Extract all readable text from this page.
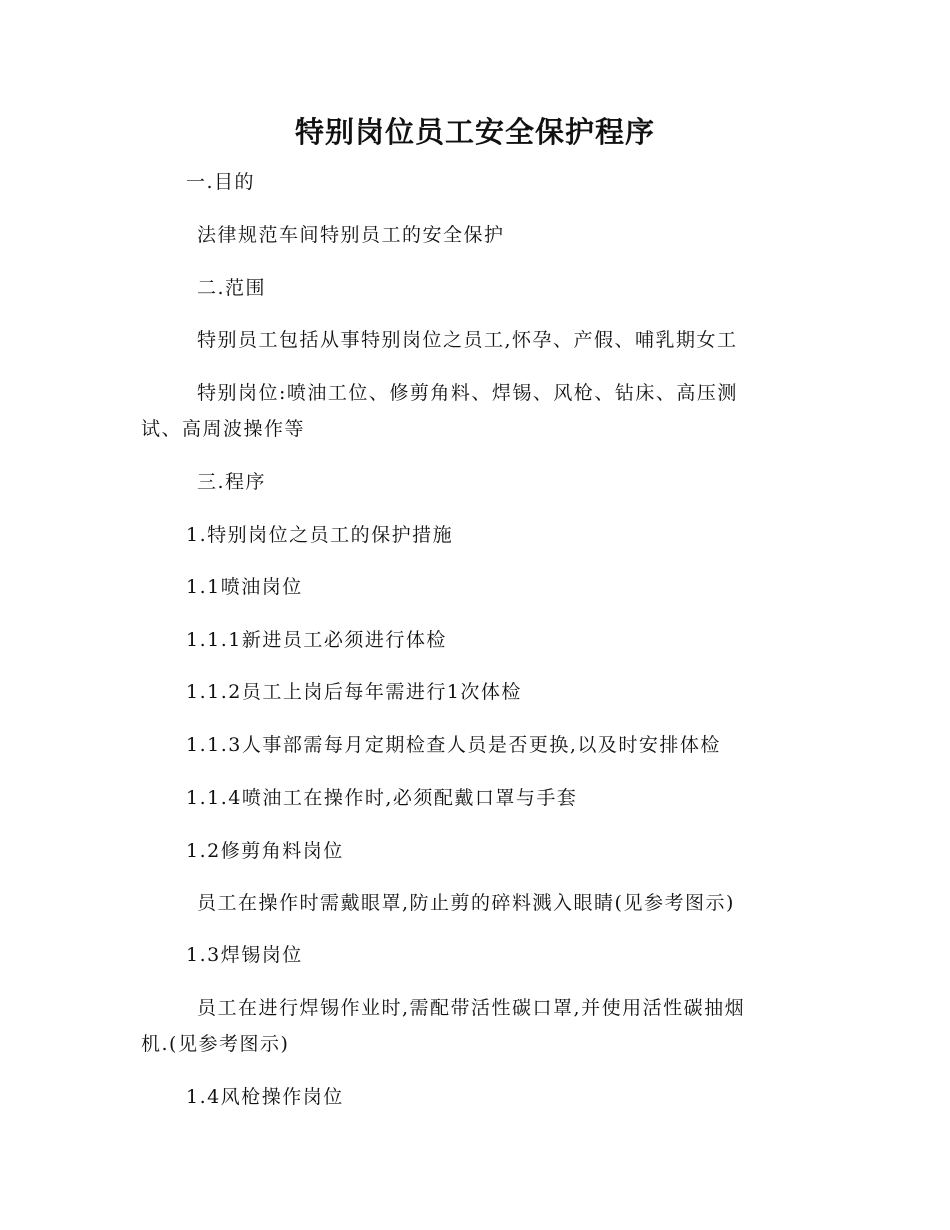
特别岗位员工安全保护程序
一.目的
法律规范车间特别员工的安全保护
二.范围
特别员工包括从事特别岗位之员工,怀孕、产假、哺乳期女工
特别岗位:喷油工位、修剪角料、焊锡、风枪、钻床、高压测
试、高周波操作等
三.程序
1.特别岗位之员工的保护措施
1.1喷油岗位
1.1.1新进员工必须进行体检
1.1.2员工上岗后每年需进行1次体检
1.1.3人事部需每月定期检查人员是否更换,以及时安排体检
1.1.4喷油工在操作时,必须配戴口罩与手套
1.2修剪角料岗位
员工在操作时需戴眼罩,防止剪的碎料溅入眼睛(见参考图示)
1.3焊锡岗位
员工在进行焊锡作业时,需配带活性碳口罩,并使用活性碳抽烟
机.(见参考图示)
1.4风枪操作岗位
